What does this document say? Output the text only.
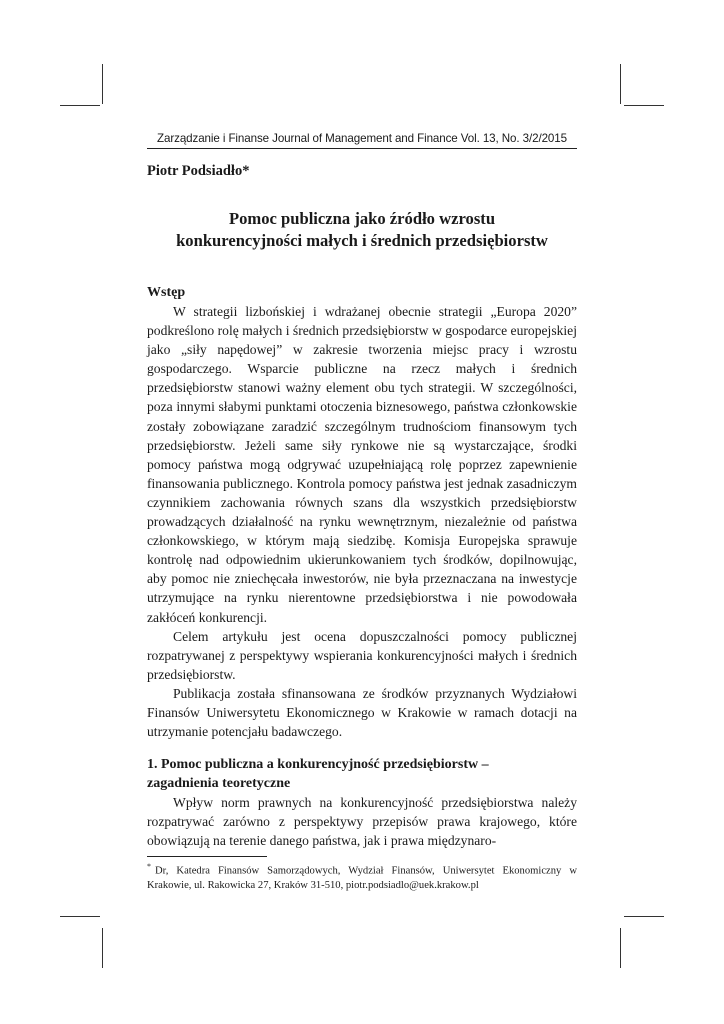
Zarządzanie i Finanse Journal of Management and Finance Vol. 13, No. 3/2/2015
Piotr Podsiadło*
Pomoc publiczna jako źródło wzrostu
konkurencyjności małych i średnich przedsiębiorstw
Wstęp

W strategii lizbońskiej i wdrażanej obecnie strategii „Europa 2020” podkreślono rolę małych i średnich przedsiębiorstw w gospodarce europejskiej jako „siły napędowej” w zakresie tworzenia miejsc pracy i wzrostu gospodarczego. Wsparcie publiczne na rzecz małych i średnich przedsiębiorstw stanowi ważny element obu tych strategii. W szczególności, poza innymi słabymi punktami otoczenia biznesowego, państwa członkowskie zostały zobowiązane zaradzić szczególnym trudnościom finansowym tych przedsiębiorstw. Jeżeli same siły rynkowe nie są wystarczające, środki pomocy państwa mogą odgrywać uzupełniającą rolę poprzez zapewnienie finansowania publicznego. Kontrola pomocy państwa jest jednak zasadniczym czynnikiem zachowania równych szans dla wszystkich przedsiębiorstw prowadzących działalność na rynku wewnętrznym, niezależnie od państwa członkowskiego, w którym mają siedzibę. Komisja Europejska sprawuje kontrolę nad odpowiednim ukierunkowaniem tych środków, dopilnowując, aby pomoc nie zniechęcała inwestorów, nie była przeznaczana na inwestycje utrzymujące na rynku nierentowne przedsiębiorstwa i nie powodowała zakłóceń konkurencji.

Celem artykułu jest ocena dopuszczalności pomocy publicznej rozpatrywanej z perspektywy wspierania konkurencyjności małych i średnich przedsiębiorstw.

Publikacja została sfinansowana ze środków przyznanych Wydziałowi Finansów Uniwersytetu Ekonomicznego w Krakowie w ramach dotacji na utrzymanie potencjału badawczego.

1. Pomoc publiczna a konkurencyjność przedsiębiorstw –
zagadnienia teoretyczne

Wpływ norm prawnych na konkurencyjność przedsiębiorstwa należy rozpatrywać zarówno z perspektywy przepisów prawa krajowego, które obowiązują na terenie danego państwa, jak i prawa międzynaro-

* Dr, Katedra Finansów Samorządowych, Wydział Finansów, Uniwersytet Ekonomiczny w Krakowie, ul. Rakowicka 27, Kraków 31-510, piotr.podsiadlo@uek.krakow.pl
